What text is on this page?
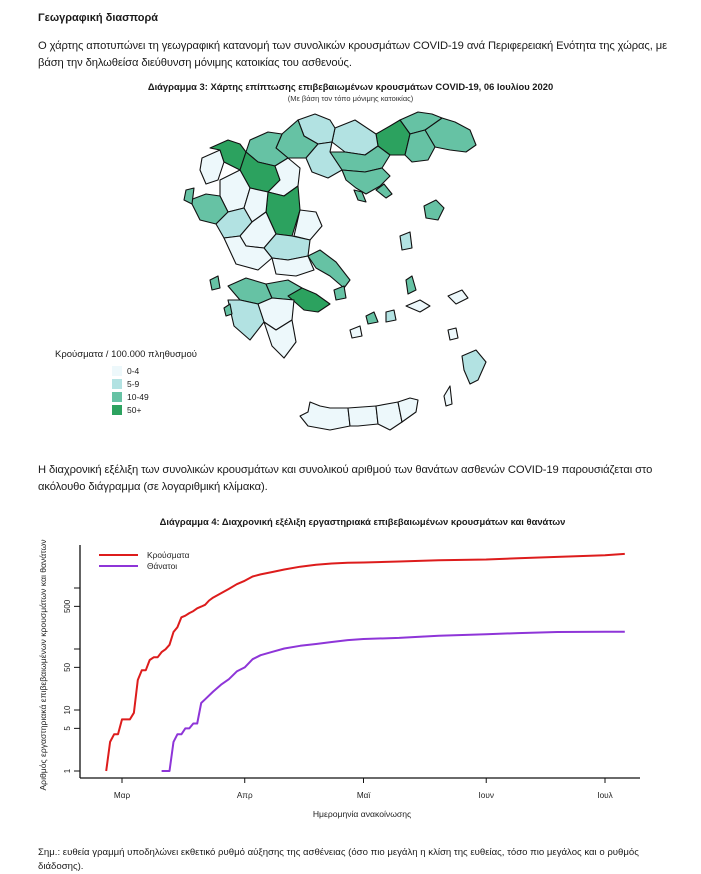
Γεωγραφική διασπορά
Ο χάρτης αποτυπώνει τη γεωγραφική κατανομή των συνολικών κρουσμάτων COVID-19 ανά Περιφερειακή Ενότητα της χώρας, με βάση την δηλωθείσα διεύθυνση μόνιμης κατοικίας του ασθενούς.
Διάγραμμα 3: Χάρτης επίπτωσης επιβεβαιωμένων κρουσμάτων COVID-19, 06 Ιουλίου 2020
(Με βάση τον τόπο μόνιμης κατοικίας)
Κρούσματα / 100.000 πληθυσμού
0-4
5-9
10-49
50+
Η διαχρονική εξέλιξη των συνολικών κρουσμάτων και συνολικού αριθμού των θανάτων ασθενών COVID-19 παρουσιάζεται στο ακόλουθο διάγραμμα (σε λογαριθμική κλίμακα).
Διάγραμμα 4: Διαχρονική εξέλιξη εργαστηριακά επιβεβαιωμένων κρουσμάτων και θανάτων
1
5
10
50
500
Μαρ	Απρ	Μαϊ	Ιουν	Ιουλ
Κρούσματα
Θάνατοι
Αριθμός εργαστηριακά επιβεβαιωμένων κρουσμάτων και θανάτων
Ημερομηνία ανακοίνωσης
Σημ.: ευθεία γραμμή υποδηλώνει εκθετικό ρυθμό αύξησης της ασθένειας (όσο πιο μεγάλη η κλίση της ευθείας, τόσο πιο μεγάλος και ο ρυθμός διάδοσης).
